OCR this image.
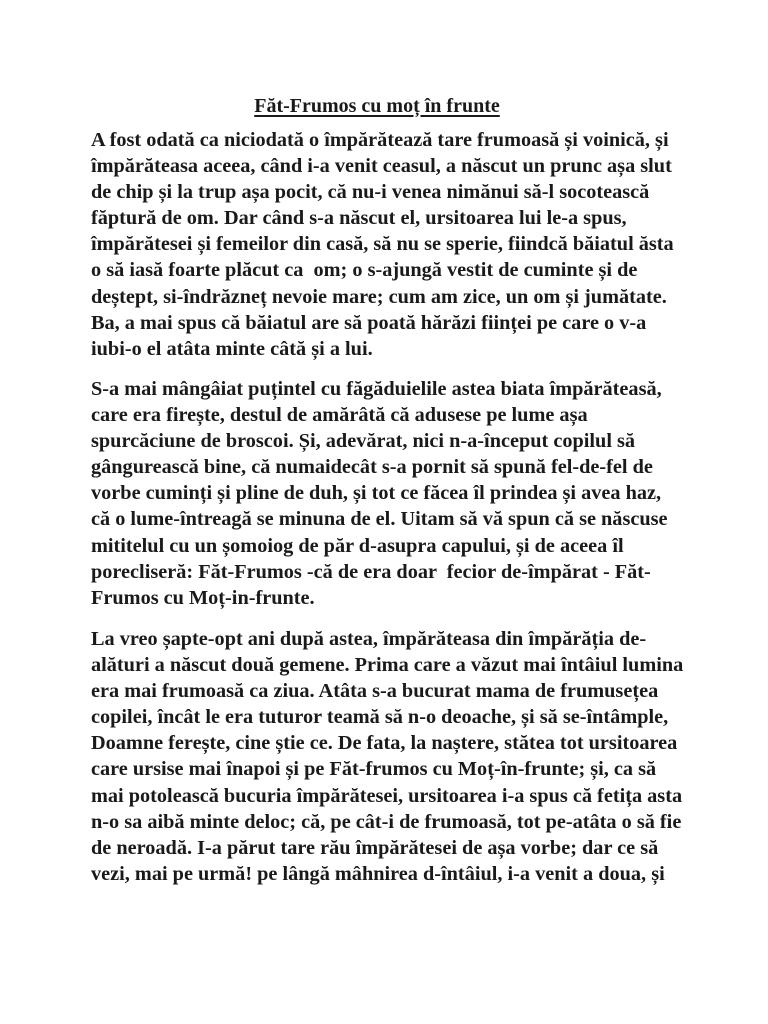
Făt-Frumos cu moț în frunte
A fost odată ca niciodată o împărătează tare frumoasă și voinică, și
împărăteasa aceea, când i-a venit ceasul, a născut un prunc așa slut
de chip și la trup așa pocit, că nu-i venea nimănui să-l socotească
făptură de om. Dar când s-a născut el, ursitoarea lui le-a spus,
împărătesei și femeilor din casă, să nu se sperie, fiindcă băiatul ăsta
o să iasă foarte plăcut ca  om; o s-ajungă vestit de cuminte și de
deștept, si-îndrăzneț nevoie mare; cum am zice, un om și jumătate.
Ba, a mai spus că băiatul are să poată hărăzi ființei pe care o v-a
iubi-o el atâta minte câtă și a lui.
S-a mai mângâiat puțintel cu făgăduielile astea biata împărăteasă,
care era firește, destul de amărâtă că adusese pe lume așa
spurcăciune de broscoi. Și, adevărat, nici n-a-început copilul să
gângurească bine, că numaidecât s-a pornit să spună fel-de-fel de
vorbe cuminți și pline de duh, și tot ce făcea îl prindea și avea haz,
că o lume-întreagă se minuna de el. Uitam să vă spun că se născuse
mititelul cu un șomoiog de păr d-asupra capului, și de aceea îl
porecliseră: Făt-Frumos -că de era doar  fecior de-împărat - Făt-
Frumos cu Moț-in-frunte.
La vreo șapte-opt ani după astea, împărăteasa din împărăția de-
alături a născut două gemene. Prima care a văzut mai întâiul lumina
era mai frumoasă ca ziua. Atâta s-a bucurat mama de frumusețea
copilei, încât le era tuturor teamă să n-o deoache, și să se-întâmple,
Doamne ferește, cine știe ce. De fata, la naștere, stătea tot ursitoarea
care ursise mai înapoi și pe Făt-frumos cu Moț-în-frunte; și, ca să
mai potolească bucuria împărătesei, ursitoarea i-a spus că fetița asta
n-o sa aibă minte deloc; că, pe cât-i de frumoasă, tot pe-atâta o să fie
de neroadă. I-a părut tare rău împărătesei de așa vorbe; dar ce să
vezi, mai pe urmă! pe lângă mâhnirea d-întâiul, i-a venit a doua, și
